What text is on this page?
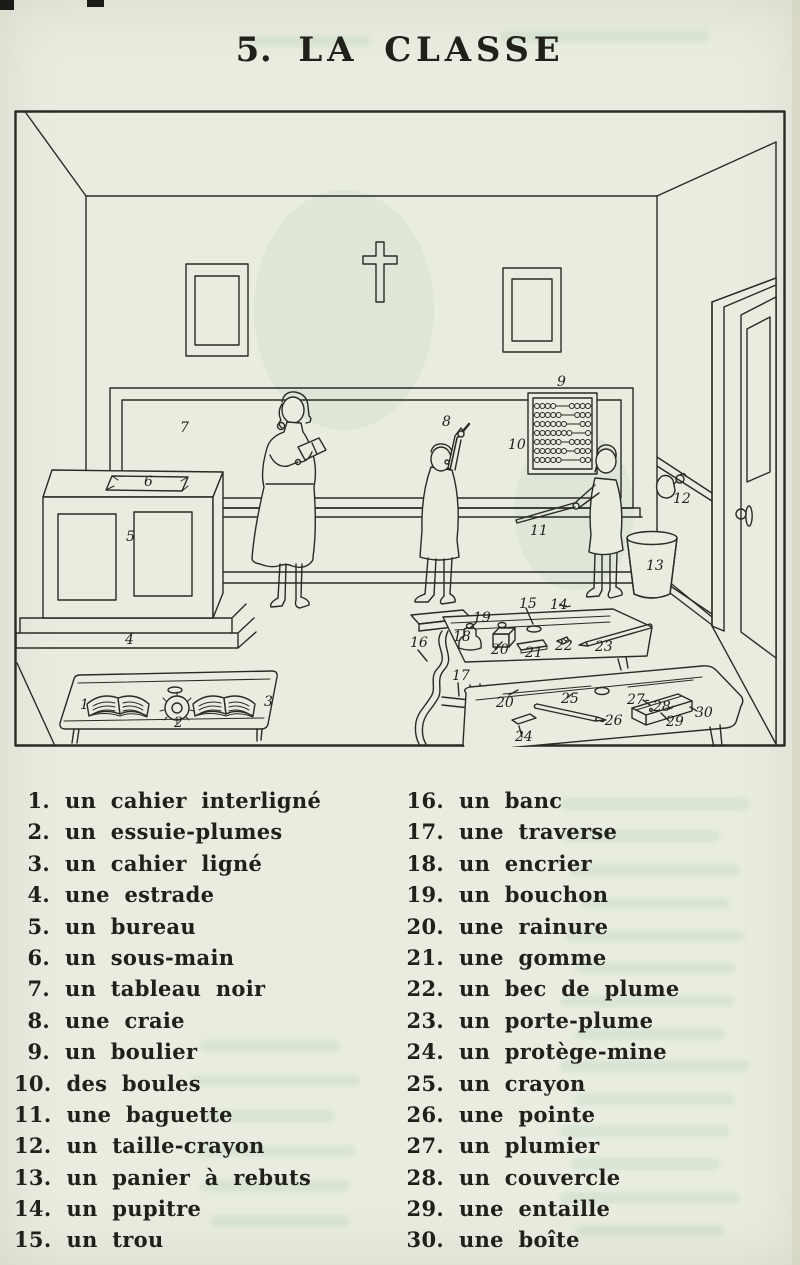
5. LA CLASSE
1
2
3
4
5
6
7	8
9
10
11
12
13
14
15
16
17
18
19
20 21 22 23
20
24
25
-26
27- 28
29
30
1. un cahier interligné
2. un essuie-plumes
3. un cahier ligné
4. une estrade
5. un bureau
6. un sous-main
7. un tableau noir
8. une craie
9. un boulier
10. des boules
11. une baguette
12. un taille-crayon
13. un panier à rebuts
14. un pupitre
15. un trou
16. un banc
17. une traverse
18. un encrier
19. un bouchon
20. une rainure
21. une gomme
22. un bec de plume
23. un porte-plume
24. un protège-mine
25. un crayon
26. une pointe
27. un plumier
28. un couvercle
29. une entaille
30. une boîte
